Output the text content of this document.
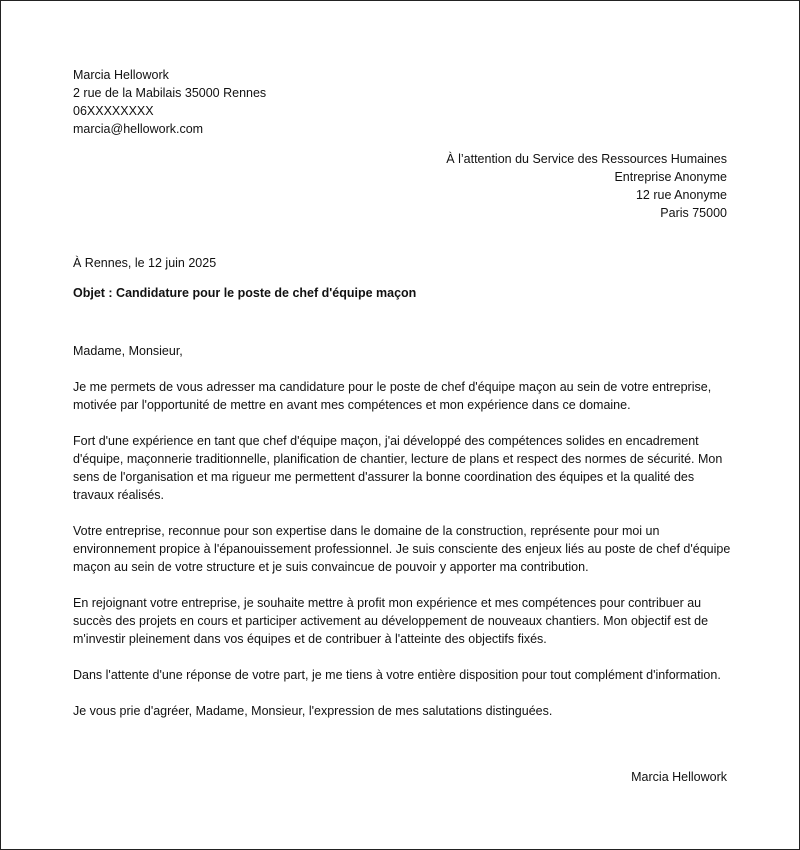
Marcia Hellowork
2 rue de la Mabilais 35000 Rennes
06XXXXXXXX
marcia@hellowork.com
À l’attention du Service des Ressources Humaines
Entreprise Anonyme
12 rue Anonyme
Paris 75000
À Rennes, le 12 juin 2025
Objet : Candidature pour le poste de chef d'équipe maçon

Madame, Monsieur,

Je me permets de vous adresser ma candidature pour le poste de chef d'équipe maçon au sein de votre entreprise, motivée par l'opportunité de mettre en avant mes compétences et mon expérience dans ce domaine.

Fort d'une expérience en tant que chef d'équipe maçon, j'ai développé des compétences solides en encadrement d'équipe, maçonnerie traditionnelle, planification de chantier, lecture de plans et respect des normes de sécurité. Mon sens de l'organisation et ma rigueur me permettent d'assurer la bonne coordination des équipes et la qualité des travaux réalisés.

Votre entreprise, reconnue pour son expertise dans le domaine de la construction, représente pour moi un environnement propice à l'épanouissement professionnel. Je suis consciente des enjeux liés au poste de chef d'équipe maçon au sein de votre structure et je suis convaincue de pouvoir y apporter ma contribution.

En rejoignant votre entreprise, je souhaite mettre à profit mon expérience et mes compétences pour contribuer au succès des projets en cours et participer activement au développement de nouveaux chantiers. Mon objectif est de m'investir pleinement dans vos équipes et de contribuer à l'atteinte des objectifs fixés.

Dans l'attente d'une réponse de votre part, je me tiens à votre entière disposition pour tout complément d'information.

Je vous prie d'agréer, Madame, Monsieur, l'expression de mes salutations distinguées.

Marcia Hellowork
